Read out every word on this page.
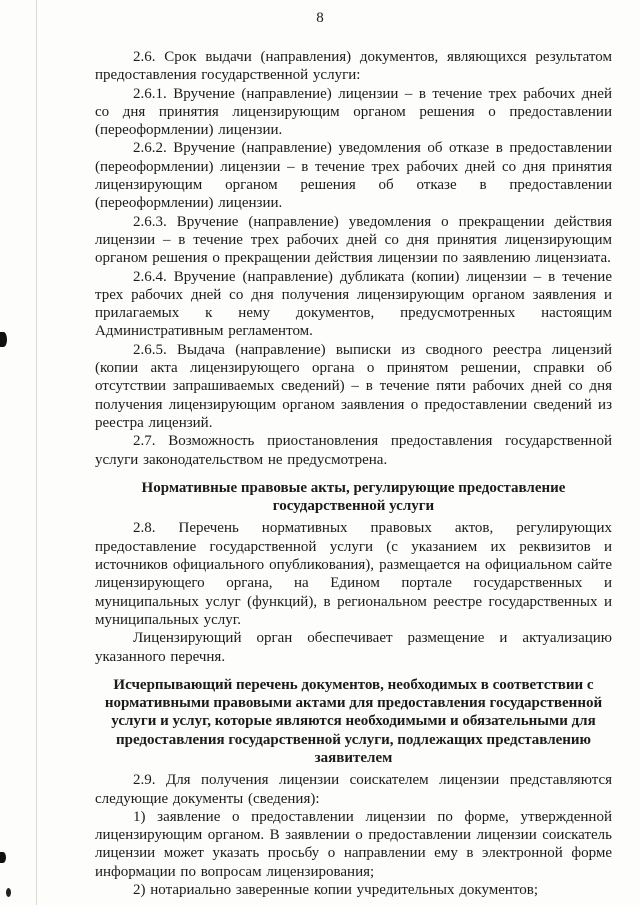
8

2.6. Срок выдачи (направления) документов, являющихся результатом предоставления государственной услуги:

2.6.1. Вручение (направление) лицензии – в течение трех рабочих дней со дня принятия лицензирующим органом решения о предоставлении (переоформлении) лицензии.

2.6.2. Вручение (направление) уведомления об отказе в предоставлении (переоформлении) лицензии – в течение трех рабочих дней со дня принятия лицензирующим органом решения об отказе в предоставлении (переоформлении) лицензии.

2.6.3. Вручение (направление) уведомления о прекращении действия лицензии – в течение трех рабочих дней со дня принятия лицензирующим органом решения о прекращении действия лицензии по заявлению лицензиата.

2.6.4. Вручение (направление) дубликата (копии) лицензии – в течение трех рабочих дней со дня получения лицензирующим органом заявления и прилагаемых к нему документов, предусмотренных настоящим Административным регламентом.

2.6.5. Выдача (направление) выписки из сводного реестра лицензий (копии акта лицензирующего органа о принятом решении, справки об отсутствии запрашиваемых сведений) – в течение пяти рабочих дней со дня получения лицензирующим органом заявления о предоставлении сведений из реестра лицензий.

2.7. Возможность приостановления предоставления государственной услуги законодательством не предусмотрена.

Нормативные правовые акты, регулирующие предоставление государственной услуги

2.8. Перечень нормативных правовых актов, регулирующих предоставление государственной услуги (с указанием их реквизитов и источников официального опубликования), размещается на официальном сайте лицензирующего органа, на Едином портале государственных и муниципальных услуг (функций), в региональном реестре государственных и муниципальных услуг.

Лицензирующий орган обеспечивает размещение и актуализацию указанного перечня.

Исчерпывающий перечень документов, необходимых в соответствии с нормативными правовыми актами для предоставления государственной услуги и услуг, которые являются необходимыми и обязательными для предоставления государственной услуги, подлежащих представлению заявителем

2.9. Для получения лицензии соискателем лицензии представляются следующие документы (сведения):

1) заявление о предоставлении лицензии по форме, утвержденной лицензирующим органом. В заявлении о предоставлении лицензии соискатель лицензии может указать просьбу о направлении ему в электронной форме информации по вопросам лицензирования;

2) нотариально заверенные копии учредительных документов;
